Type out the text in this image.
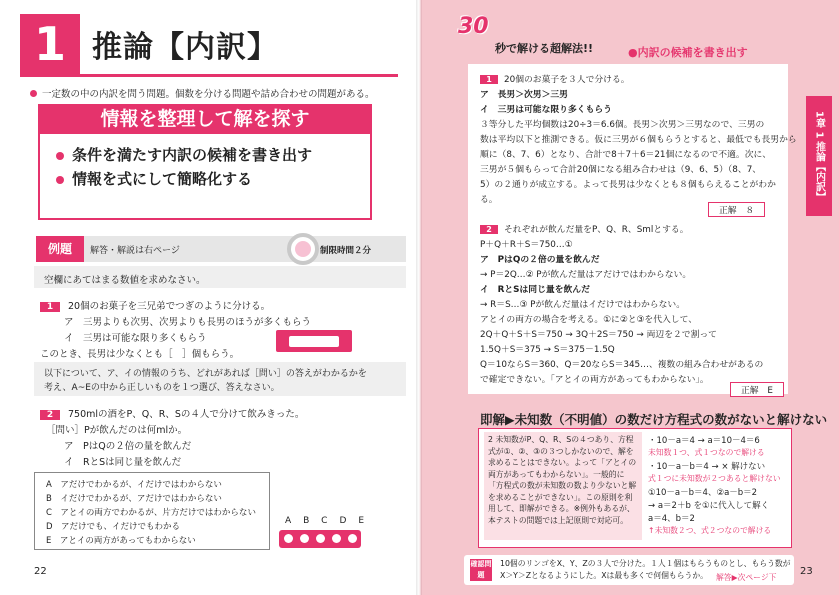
1 推論【内訳】
一定数の中の内訳を問う問題。個数を分ける問題や詰め合わせの問題がある。
情報を整理して解を探す
条件を満たす内訳の候補を書き出す
情報を式にして簡略化する
例題	解答・解説は右ページ	制限時間２分
空欄にあてはまる数値を求めなさい。
1 20個のお菓子を三兄弟でつぎのように分ける。
ア　三男よりも次男、次男よりも長男のほうが多くもらう
イ　三男は可能な限り多くもらう
このとき、長男は少なくとも［　］個もらう。
以下について、ア、イの情報のうち、どれがあれば［問い］の答えがわかるかを
考え、A~Eの中から正しいものを１つ選び、答えなさい。
2 750mlの酒をP、Q、R、Sの４人で分けて飲みきった。
［問い］Pが飲んだのは何mlか。
ア　PはQの２倍の量を飲んだ
イ　RとSは同じ量を飲んだ
A　アだけでわかるが、イだけではわからない
B　イだけでわかるが、アだけではわからない
C　アとイの両方でわかるが、片方だけではわからない
D　アだけでも、イだけでもわかる
E　アとイの両方があってもわからない
ABCDE
22
30
秒で解ける超解法!!	●内訳の候補を書き出す
1 20個のお菓子を３人で分ける。
ア　長男＞次男＞三男
イ　三男は可能な限り多くもらう
３等分した平均個数は20÷3＝6.6個。長男＞次男＞三男なので、三男の
数は平均以下と推測できる。仮に三男が６個もらうとすると、最低でも長男から
順に（8、7、6）となり、合計で8＋7＋6＝21個になるので不適。次に、
三男が５個もらって合計20個になる組み合わせは（9、6、5）（8、7、
5）の２通りが成立する。よって長男は少なくとも８個もらえることがわか
る。
正解　８
2 それぞれが飲んだ量をP、Q、R、Smlとする。
P＋Q＋R＋S＝750…①
ア　PはQの２倍の量を飲んだ
→ P＝2Q…② Pが飲んだ量はアだけではわからない。
イ　RとSは同じ量を飲んだ
→ R＝S…③ Pが飲んだ量はイだけではわからない。
アとイの両方の場合を考える。①に②と③を代入して、
2Q＋Q＋S＋S＝750 → 3Q＋2S＝750 → 両辺を２で割って
1.5Q＋S＝375 → S＝375－1.5Q
Q＝10ならS＝360、Q＝20ならS＝345…、複数の組み合わせがあるの
で確定できない。「アとイの両方があってもわからない」。
正解　E
1章 1 推論【内訳】
即解▶未知数（不明値）の数だけ方程式の数がないと解けない
2 未知数がP、Q、R、Sの４つあり、方程式が①、②、③の３つしかないので、解を求めることはできない。よって「アとイの両方があってもわからない」。一般的に「方程式の数が未知数の数より少ないと解を求めることができない」。この原則を利用して、即解ができる。※例外もあるが、本テストの問題では上記原則で対応可。
・10－a＝4 → a＝10－4＝6
未知数１つ、式１つなので解ける
・10－a－b＝4 → × 解けない
式１つに未知数が２つあると解けない
①10－a－b＝4、②a－b＝2
→ a＝2＋b を①に代入して解く
a＝4、b＝2
↑未知数２つ、式２つなので解ける
確認問題
10個のリンゴをX、Y、Zの３人で分けた。１人１個はもらうものとし、もらう数が
X＞Y＞Zとなるようにした。Xは最も多くで何個もらうか。 解答▶次ページ下
23
